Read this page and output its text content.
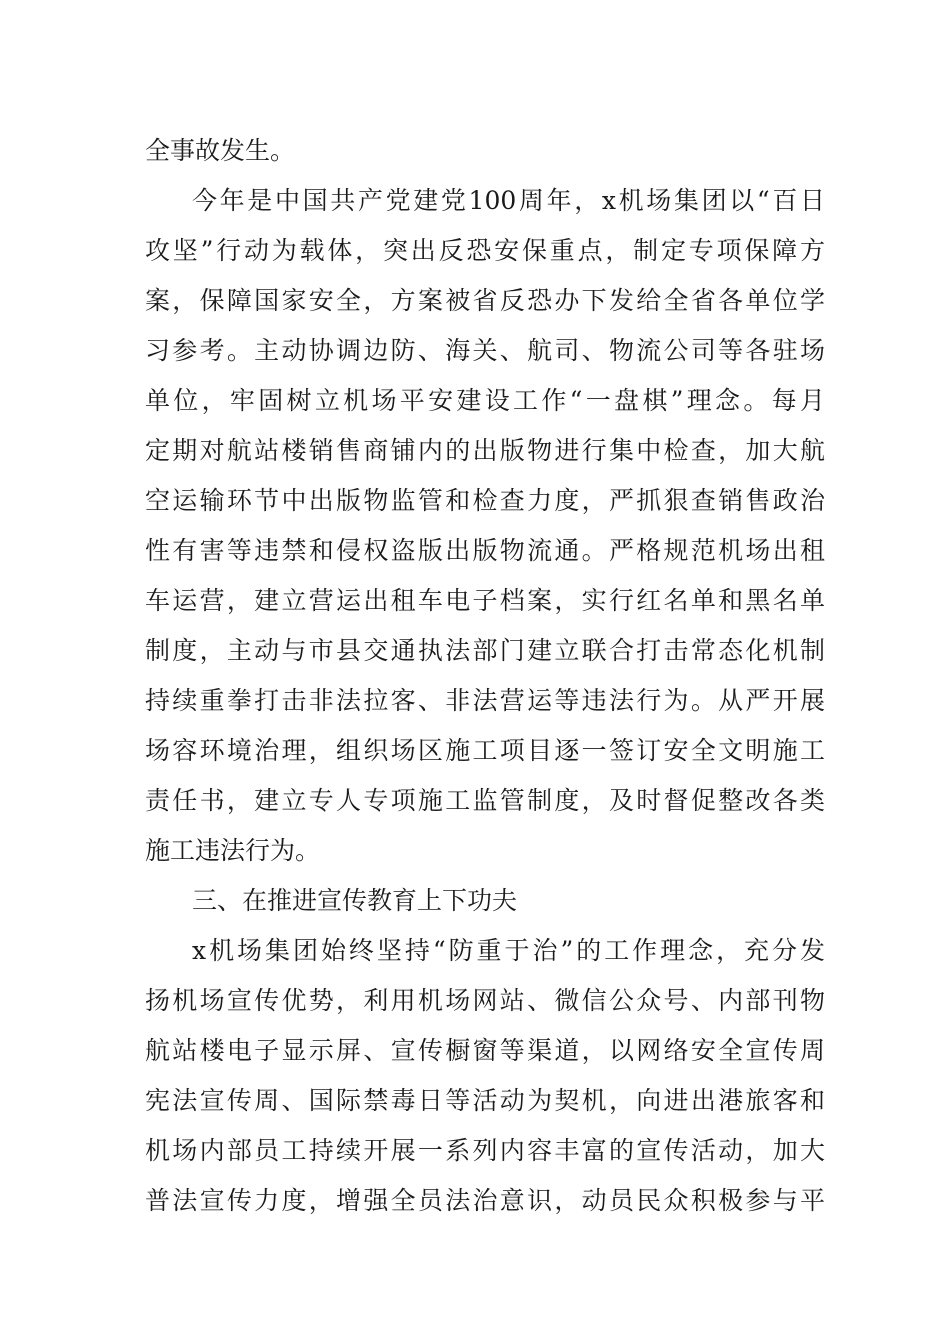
全事故发生。
今年是中国共产党建党100周年，x机场集团以“百日
攻坚”行动为载体，突出反恐安保重点，制定专项保障方
案，保障国家安全，方案被省反恐办下发给全省各单位学
习参考。主动协调边防、海关、航司、物流公司等各驻场
单位，牢固树立机场平安建设工作“一盘棋”理念。每月
定期对航站楼销售商铺内的出版物进行集中检查，加大航
空运输环节中出版物监管和检查力度，严抓狠查销售政治
性有害等违禁和侵权盗版出版物流通。严格规范机场出租
车运营，建立营运出租车电子档案，实行红名单和黑名单
制度，主动与市县交通执法部门建立联合打击常态化机制
持续重拳打击非法拉客、非法营运等违法行为。从严开展
场容环境治理，组织场区施工项目逐一签订安全文明施工
责任书，建立专人专项施工监管制度，及时督促整改各类
施工违法行为。
三、在推进宣传教育上下功夫
x机场集团始终坚持“防重于治”的工作理念，充分发
扬机场宣传优势，利用机场网站、微信公众号、内部刊物
航站楼电子显示屏、宣传橱窗等渠道，以网络安全宣传周
宪法宣传周、国际禁毒日等活动为契机，向进出港旅客和
机场内部员工持续开展一系列内容丰富的宣传活动，加大
普法宣传力度，增强全员法治意识，动员民众积极参与平
